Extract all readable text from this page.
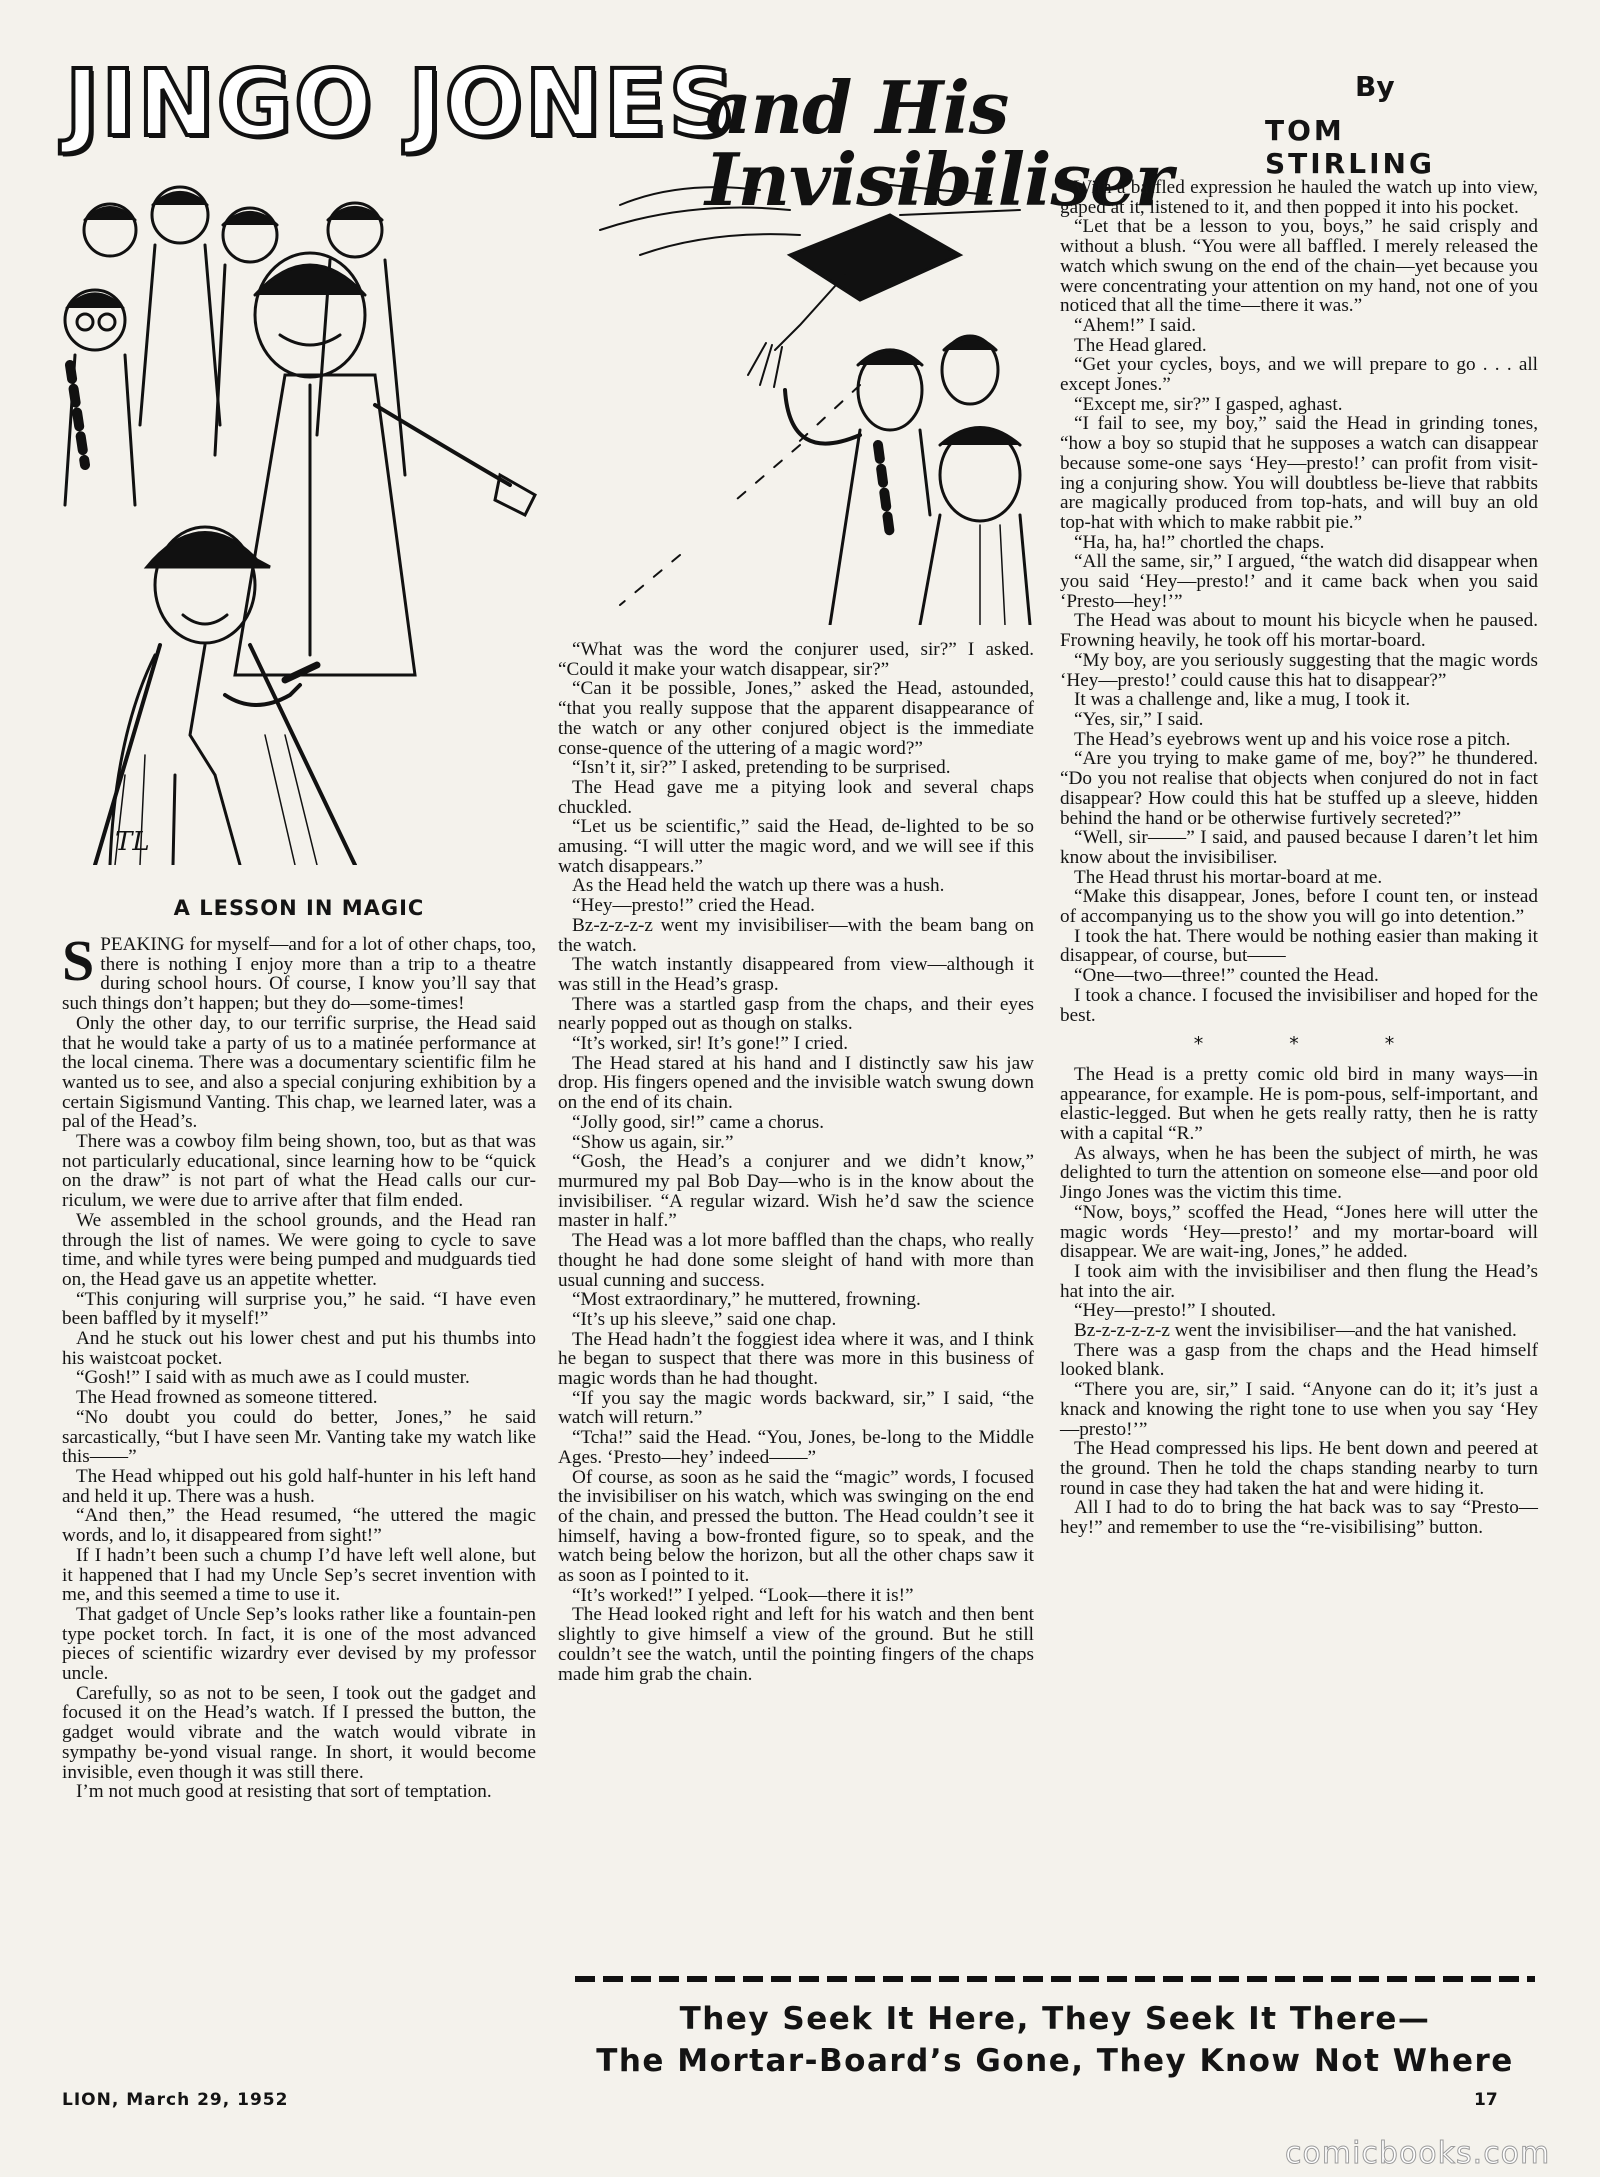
JINGO JONES
and His Invisibiliser
By
TOM STIRLING
TL
A LESSON IN MAGIC

SPEAKING for myself—and for a lot of other chaps, too, there is nothing I enjoy more than a trip to a theatre during school hours. Of course, I know you’ll say that such things don’t happen; but they do—some-times!

Only the other day, to our terrific surprise, the Head said that he would take a party of us to a matinée performance at the local cinema. There was a documentary scientific film he wanted us to see, and also a special conjuring exhibition by a certain Sigismund Vanting. This chap, we learned later, was a pal of the Head’s.

There was a cowboy film being shown, too, but as that was not particularly educational, since learning how to be “quick on the draw” is not part of what the Head calls our cur-riculum, we were due to arrive after that film ended.

We assembled in the school grounds, and the Head ran through the list of names. We were going to cycle to save time, and while tyres were being pumped and mudguards tied on, the Head gave us an appetite whetter.

“This conjuring will surprise you,” he said. “I have even been baffled by it myself!”

And he stuck out his lower chest and put his thumbs into his waistcoat pocket.

“Gosh!” I said with as much awe as I could muster.

The Head frowned as someone tittered.

“No doubt you could do better, Jones,” he said sarcastically, “but I have seen Mr. Vanting take my watch like this——”

The Head whipped out his gold half-hunter in his left hand and held it up. There was a hush.

“And then,” the Head resumed, “he uttered the magic words, and lo, it disappeared from sight!”

If I hadn’t been such a chump I’d have left well alone, but it happened that I had my Uncle Sep’s secret invention with me, and this seemed a time to use it.

That gadget of Uncle Sep’s looks rather like a fountain-pen type pocket torch. In fact, it is one of the most advanced pieces of scientific wizardry ever devised by my professor uncle.

Carefully, so as not to be seen, I took out the gadget and focused it on the Head’s watch. If I pressed the button, the gadget would vibrate and the watch would vibrate in sympathy be-yond visual range. In short, it would become invisible, even though it was still there.

I’m not much good at resisting that sort of temptation.

“What was the word the conjurer used, sir?” I asked. “Could it make your watch disappear, sir?”

“Can it be possible, Jones,” asked the Head, astounded, “that you really suppose that the apparent disappearance of the watch or any other conjured object is the immediate conse-quence of the uttering of a magic word?”

“Isn’t it, sir?” I asked, pretending to be surprised.

The Head gave me a pitying look and several chaps chuckled.

“Let us be scientific,” said the Head, de-lighted to be so amusing. “I will utter the magic word, and we will see if this watch disappears.”

As the Head held the watch up there was a hush.

“Hey—presto!” cried the Head.

Bz-z-z-z-z went my invisibiliser—with the beam bang on the watch.

The watch instantly disappeared from view—although it was still in the Head’s grasp.

There was a startled gasp from the chaps, and their eyes nearly popped out as though on stalks.

“It’s worked, sir! It’s gone!” I cried.

The Head stared at his hand and I distinctly saw his jaw drop. His fingers opened and the invisible watch swung down on the end of its chain.

“Jolly good, sir!” came a chorus.

“Show us again, sir.”

“Gosh, the Head’s a conjurer and we didn’t know,” murmured my pal Bob Day—who is in the know about the invisibiliser. “A regular wizard. Wish he’d saw the science master in half.”

The Head was a lot more baffled than the chaps, who really thought he had done some sleight of hand with more than usual cunning and success.

“Most extraordinary,” he muttered, frowning.

“It’s up his sleeve,” said one chap.

The Head hadn’t the foggiest idea where it was, and I think he began to suspect that there was more in this business of magic words than he had thought.

“If you say the magic words backward, sir,” I said, “the watch will return.”

“Tcha!” said the Head. “You, Jones, be-long to the Middle Ages. ‘Presto—hey’ indeed——”

Of course, as soon as he said the “magic” words, I focused the invisibiliser on his watch, which was swinging on the end of the chain, and pressed the button. The Head couldn’t see it himself, having a bow-fronted figure, so to speak, and the watch being below the horizon, but all the other chaps saw it as soon as I pointed to it.

“It’s worked!” I yelped. “Look—there it is!”

The Head looked right and left for his watch and then bent slightly to give himself a view of the ground. But he still couldn’t see the watch, until the pointing fingers of the chaps made him grab the chain.

With a baffled expression he hauled the watch up into view, gaped at it, listened to it, and then popped it into his pocket.

“Let that be a lesson to you, boys,” he said crisply and without a blush. “You were all baffled. I merely released the watch which swung on the end of the chain—yet because you were concentrating your attention on my hand, not one of you noticed that all the time—there it was.”

“Ahem!” I said.

The Head glared.

“Get your cycles, boys, and we will prepare to go . . . all except Jones.”

“Except me, sir?” I gasped, aghast.

“I fail to see, my boy,” said the Head in grinding tones, “how a boy so stupid that he supposes a watch can disappear because some-one says ‘Hey—presto!’ can profit from visit-ing a conjuring show. You will doubtless be-lieve that rabbits are magically produced from top-hats, and will buy an old top-hat with which to make rabbit pie.”

“Ha, ha, ha!” chortled the chaps.

“All the same, sir,” I argued, “the watch did disappear when you said ‘Hey—presto!’ and it came back when you said ‘Presto—hey!’”

The Head was about to mount his bicycle when he paused. Frowning heavily, he took off his mortar-board.

“My boy, are you seriously suggesting that the magic words ‘Hey—presto!’ could cause this hat to disappear?”

It was a challenge and, like a mug, I took it.

“Yes, sir,” I said.

The Head’s eyebrows went up and his voice rose a pitch.

“Are you trying to make game of me, boy?” he thundered. “Do you not realise that objects when conjured do not in fact disappear? How could this hat be stuffed up a sleeve, hidden behind the hand or be otherwise furtively secreted?”

“Well, sir——” I said, and paused because I daren’t let him know about the invisibiliser.

The Head thrust his mortar-board at me.

“Make this disappear, Jones, before I count ten, or instead of accompanying us to the show you will go into detention.”

I took the hat. There would be nothing easier than making it disappear, of course, but——

“One—two—three!” counted the Head.

I took a chance. I focused the invisibiliser and hoped for the best.

* * *

The Head is a pretty comic old bird in many ways—in appearance, for example. He is pom-pous, self-important, and elastic-legged. But when he gets really ratty, then he is ratty with a capital “R.”

As always, when he has been the subject of mirth, he was delighted to turn the attention on someone else—and poor old Jingo Jones was the victim this time.

“Now, boys,” scoffed the Head, “Jones here will utter the magic words ‘Hey—presto!’ and my mortar-board will disappear. We are wait-ing, Jones,” he added.

I took aim with the invisibiliser and then flung the Head’s hat into the air.

“Hey—presto!” I shouted.

Bz-z-z-z-z-z went the invisibiliser—and the hat vanished.

There was a gasp from the chaps and the Head himself looked blank.

“There you are, sir,” I said. “Anyone can do it; it’s just a knack and knowing the right tone to use when you say ‘Hey—presto!’”

The Head compressed his lips. He bent down and peered at the ground. Then he told the chaps standing nearby to turn round in case they had taken the hat and were hiding it.

All I had to do to bring the hat back was to say “Presto—hey!” and remember to use the “re-visibilising” button.

They Seek It Here, They Seek It There—
The Mortar-Board’s Gone, They Know Not Where
LION, March 29, 1952	17
comicbooks.com
